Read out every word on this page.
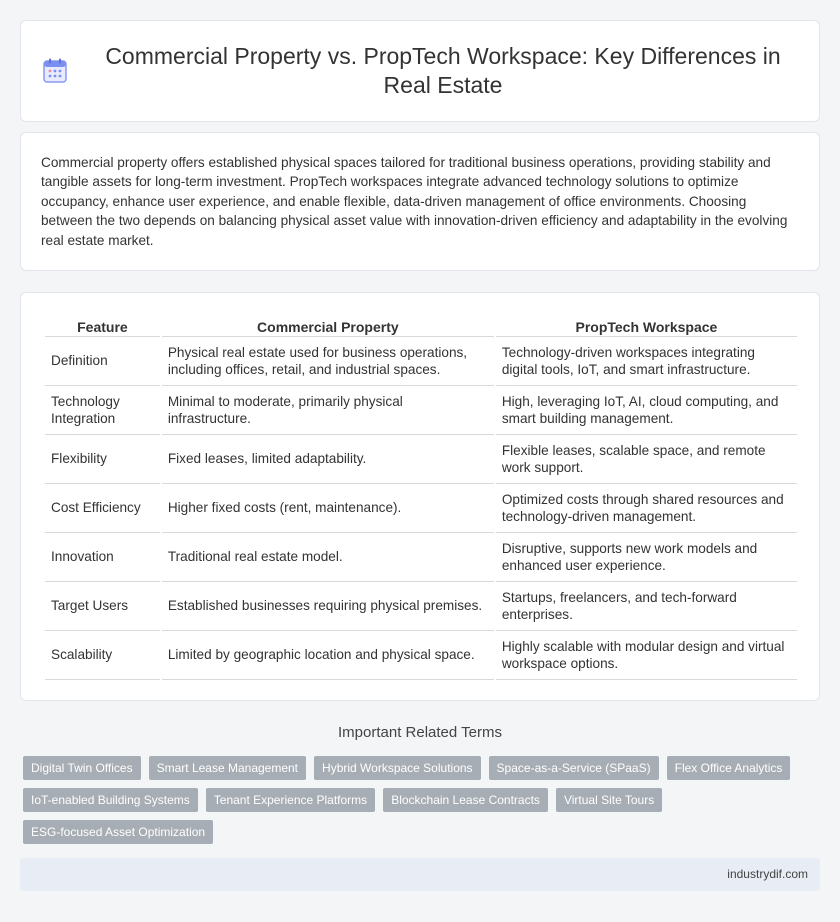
Commercial Property vs. PropTech Workspace: Key Differences in Real Estate

Commercial property offers established physical spaces tailored for traditional business operations, providing stability and tangible assets for long-term investment. PropTech workspaces integrate advanced technology solutions to optimize occupancy, enhance user experience, and enable flexible, data-driven management of office environments. Choosing between the two depends on balancing physical asset value with innovation-driven efficiency and adaptability in the evolving real estate market.

Feature	Commercial Property	PropTech Workspace
Definition	Physical real estate used for business operations, including offices, retail, and industrial spaces.	Technology-driven workspaces integrating digital tools, IoT, and smart infrastructure.
Technology Integration	Minimal to moderate, primarily physical infrastructure.	High, leveraging IoT, AI, cloud computing, and smart building management.
Flexibility	Fixed leases, limited adaptability.	Flexible leases, scalable space, and remote work support.
Cost Efficiency	Higher fixed costs (rent, maintenance).	Optimized costs through shared resources and technology-driven management.
Innovation	Traditional real estate model.	Disruptive, supports new work models and enhanced user experience.
Target Users	Established businesses requiring physical premises.	Startups, freelancers, and tech-forward enterprises.
Scalability	Limited by geographic location and physical space.	Highly scalable with modular design and virtual workspace options.
Important Related Terms
Digital Twin Offices	Smart Lease Management	Hybrid Workspace Solutions	Space-as-a-Service (SPaaS)	Flex Office Analytics
IoT-enabled Building Systems	Tenant Experience Platforms	Blockchain Lease Contracts	Virtual Site Tours
ESG-focused Asset Optimization
industrydif.com
